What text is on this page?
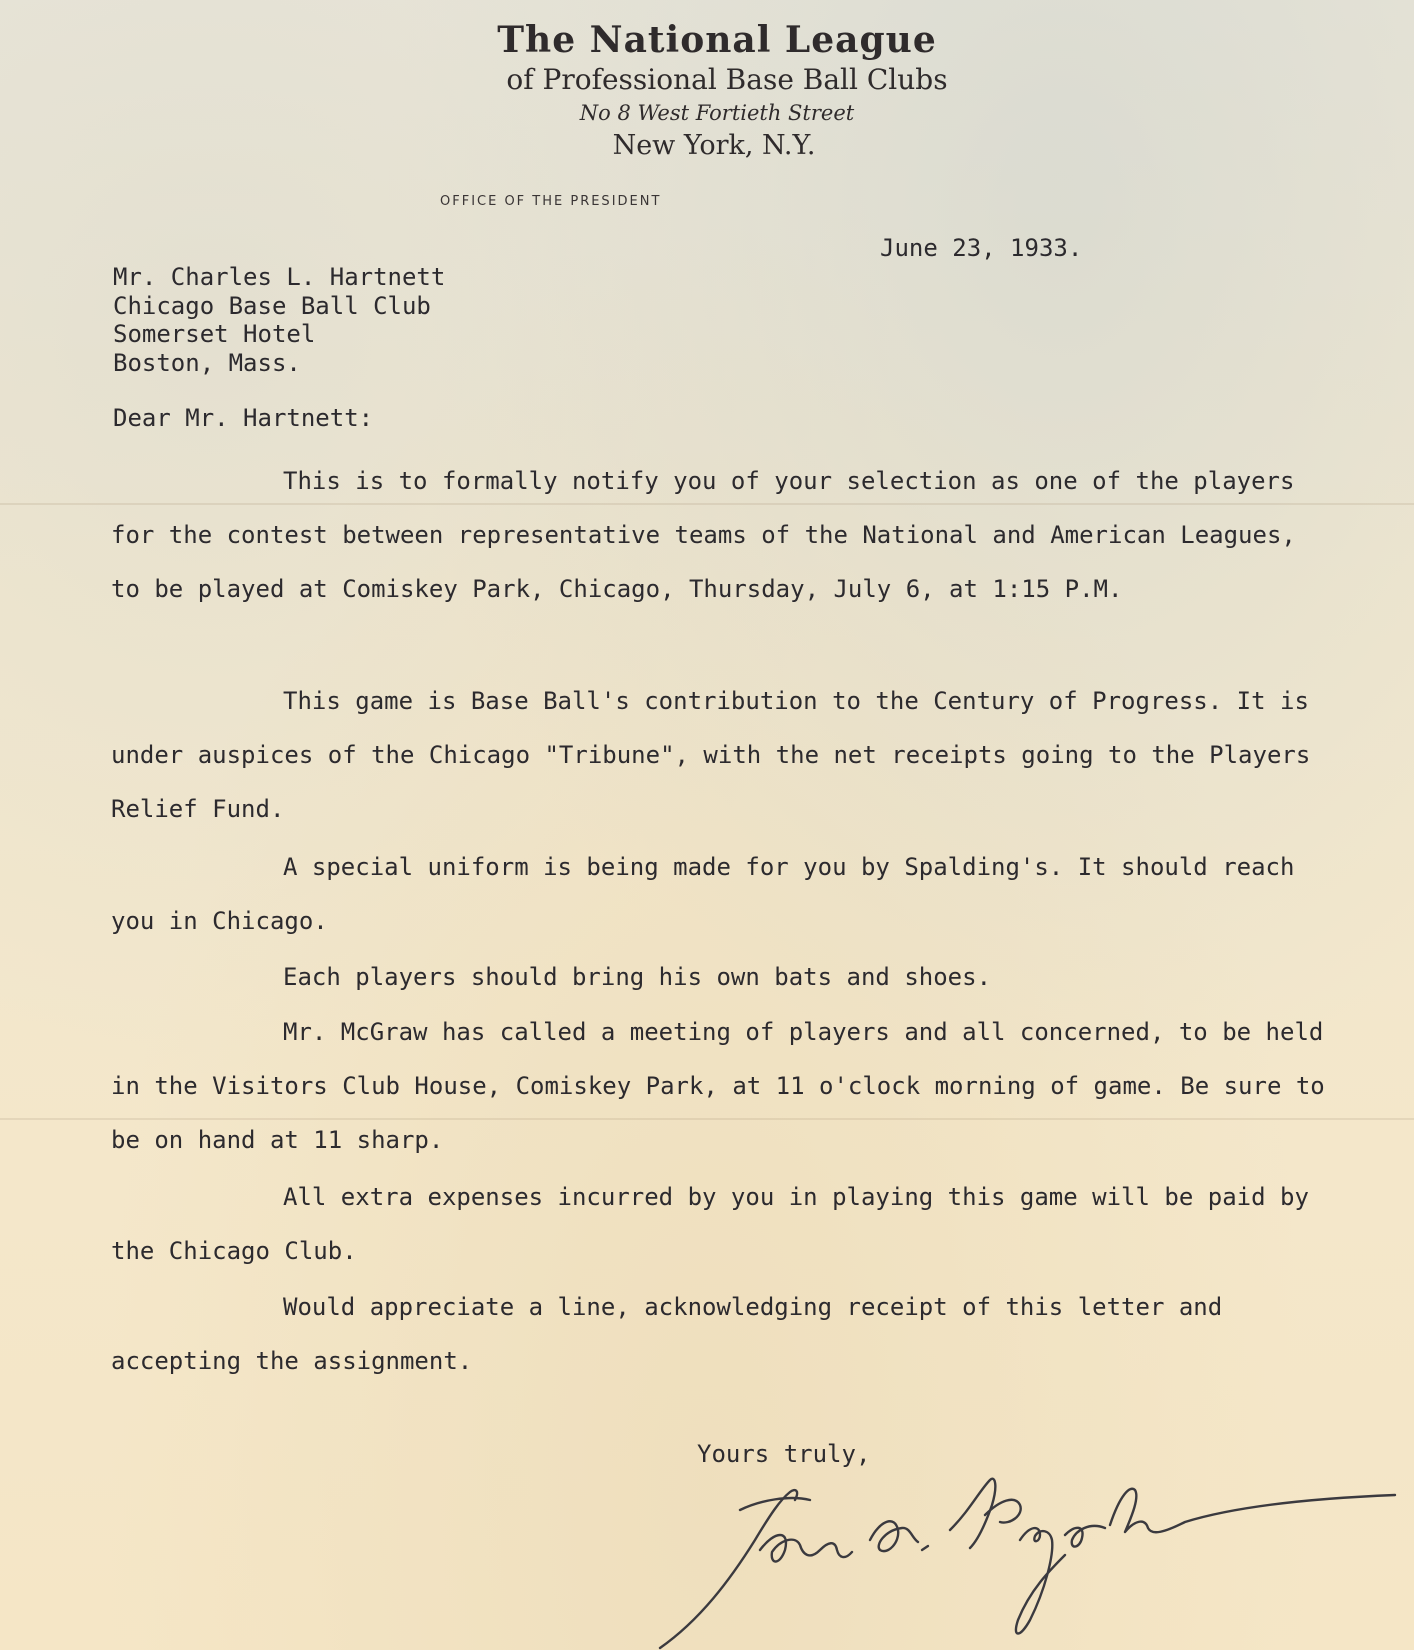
The National League
of Professional Base Ball Clubs
No 8 West Fortieth Street
New York, N.Y.
OFFICE OF THE PRESIDENT
June 23, 1933.
Mr. Charles L. Hartnett
Chicago Base Ball Club
Somerset Hotel
Boston, Mass.
Dear Mr. Hartnett:

This is to formally notify you of your selection as one of the players for the contest between representative teams of the National and American Leagues, to be played at Comiskey Park, Chicago, Thursday, July 6, at 1:15 P.M.

This game is Base Ball's contribution to the Century of Progress. It is under auspices of the Chicago "Tribune", with the net receipts going to the Players Relief Fund.

A special uniform is being made for you by Spalding's. It should reach you in Chicago.

Each players should bring his own bats and shoes.

Mr. McGraw has called a meeting of players and all concerned, to be held in the Visitors Club House, Comiskey Park, at 11 o'clock morning of game. Be sure to be on hand at 11 sharp.

All extra expenses incurred by you in playing this game will be paid by the Chicago Club.

Would appreciate a line, acknowledging receipt of this letter and accepting the assignment.

Yours truly,
